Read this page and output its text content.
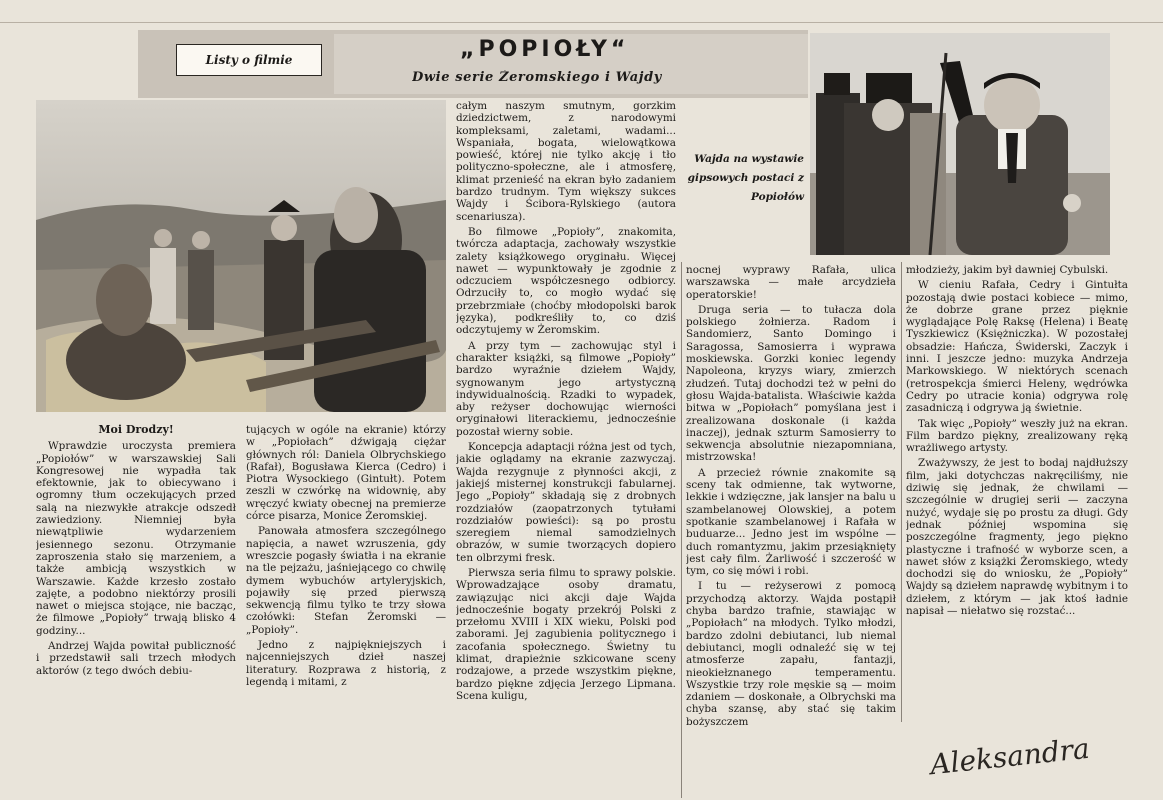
Listy o filmie	„POPIOŁY“
Dwie serie Żeromskiego i Wajdy
Wajda na wystawie gipsowych postaci z Popiołów

Moi Drodzy!

Wprawdzie uroczysta premiera „Popiołów” w warszawskiej Sali Kongresowej nie wypadła tak efektownie, jak to obiecywano i ogromny tłum oczekujących przed salą na niezwykłe atrakcje odszedł zawiedziony. Niemniej była niewątpliwie wydarzeniem jesiennego sezonu. Otrzymanie zaproszenia stało się marzeniem, a także ambicją wszystkich w Warszawie. Każde krzesło zostało zajęte, a podobno niektórzy prosili nawet o miejsca stojące, nie bacząc, że filmowe „Popioły” trwają blisko 4 godziny...

Andrzej Wajda powitał publiczność i przedstawił sali trzech młodych aktorów (z tego dwóch debiu-

tujących w ogóle na ekranie) którzy w „Popiołach” dźwigają ciężar głównych ról: Daniela Olbrychskiego (Rafał), Bogusława Kierca (Cedro) i Piotra Wysockiego (Gintułt). Potem zeszli w czwórkę na widownię, aby wręczyć kwiaty obecnej na premierze córce pisarza, Monice Żeromskiej.

Panowała atmosfera szczególnego napięcia, a nawet wzruszenia, gdy wreszcie pogasły światła i na ekranie na tle pejzażu, jaśniejącego co chwilę dymem wybuchów artyleryjskich, pojawiły się przed pierwszą sekwencją filmu tylko te trzy słowa czołówki: Stefan Żeromski — „Popioły”.

Jedno z najpiękniejszych i najcenniejszych dzieł naszej literatury. Rozprawa z historią, z legendą i mitami, z

całym naszym smutnym, gorzkim dziedzictwem, z narodowymi kompleksami, zaletami, wadami... Wspaniała, bogata, wielowątkowa powieść, której nie tylko akcję i tło polityczno-społeczne, ale i atmosferę, klimat przenieść na ekran było zadaniem bardzo trudnym. Tym większy sukces Wajdy i Ścibora-Rylskiego (autora scenariusza).

Bo filmowe „Popioły”, znakomita, twórcza adaptacja, zachowały wszystkie zalety książkowego oryginału. Więcej nawet — wypunktowały je zgodnie z odczuciem współczesnego odbiorcy. Odrzuciły to, co mogło wydać się przebrzmiałe (choćby młodopolski barok języka), podkreśliły to, co dziś odczytujemy w Żeromskim.

A przy tym — zachowując styl i charakter książki, są filmowe „Popioły” bardzo wyraźnie dziełem Wajdy, sygnowanym jego artystyczną indywidualnością. Rzadki to wypadek, aby reżyser dochowując wierności oryginałowi literackiemu, jednocześnie pozostał wierny sobie.

Koncepcja adaptacji różna jest od tych, jakie oglądamy na ekranie zazwyczaj. Wajda rezygnuje z płynności akcji, z jakiejś misternej konstrukcji fabularnej. Jego „Popioły” składają się z drobnych rozdziałów (zaopatrzonych tytułami rozdziałów powieści): są po prostu szeregiem niemal samodzielnych obrazów, w sumie tworzących dopiero ten olbrzymi fresk.

Pierwsza seria filmu to sprawy polskie. Wprowadzające osoby dramatu, zawiązując nici akcji daje Wajda jednocześnie bogaty przekrój Polski z przełomu XVIII i XIX wieku, Polski pod zaborami. Jej zagubienia politycznego i zacofania społecznego. Świetny tu klimat, drapieżnie szkicowane sceny rodzajowe, a przede wszystkim piękne, bardzo piękne zdjęcia Jerzego Lipmana. Scena kuligu,

nocnej wyprawy Rafała, ulica warszawska — małe arcydzieła operatorskie!

Druga seria — to tułacza dola polskiego żołnierza. Radom i Sandomierz, Santo Domingo i Saragossa, Samosierra i wyprawa moskiewska. Gorzki koniec legendy Napoleona, kryzys wiary, zmierzch złudzeń. Tutaj dochodzi też w pełni do głosu Wajda-batalista. Właściwie każda bitwa w „Popiołach” pomyślana jest i zrealizowana doskonale (i każda inaczej), jednak szturm Samosierry to sekwencja absolutnie niezapomniana, mistrzowska!

A przecież równie znakomite są sceny tak odmienne, tak wytworne, lekkie i wdzięczne, jak lansjer na balu u szambelanowej Olowskiej, a potem spotkanie szambelanowej i Rafała w buduarze... Jedno jest im wspólne — duch romantyzmu, jakim przesiąknięty jest cały film. Żarliwość i szczerość w tym, co się mówi i robi.

I tu — reżyserowi z pomocą przychodzą aktorzy. Wajda postąpił chyba bardzo trafnie, stawiając w „Popiołach” na młodych. Tylko młodzi, bardzo zdolni debiutanci, lub niemal debiutanci, mogli odnaleźć się w tej atmosferze zapału, fantazji, nieokiełznanego temperamentu. Wszystkie trzy role męskie są — moim zdaniem — doskonałe, a Olbrychski ma chyba szansę, aby stać się takim bożyszczem

młodzieży, jakim był dawniej Cybulski.

W cieniu Rafała, Cedry i Gintułta pozostają dwie postaci kobiece — mimo, że dobrze grane przez pięknie wyglądające Polę Raksę (Helena) i Beatę Tyszkiewicz (Księżniczka). W pozostałej obsadzie: Hańcza, Świderski, Zaczyk i inni. I jeszcze jedno: muzyka Andrzeja Markowskiego. W niektórych scenach (retrospekcja śmierci Heleny, wędrówka Cedry po utracie konia) odgrywa rolę zasadniczą i odgrywa ją świetnie.

Tak więc „Popioły” weszły już na ekran. Film bardzo piękny, zrealizowany ręką wrażliwego artysty.

Zważywszy, że jest to bodaj najdłuższy film, jaki dotychczas nakręciliśmy, nie dziwię się jednak, że chwilami — szczególnie w drugiej serii — zaczyna nużyć, wydaje się po prostu za długi. Gdy jednak później wspomina się poszczególne fragmenty, jego piękno plastyczne i trafność w wyborze scen, a nawet słów z książki Żeromskiego, wtedy dochodzi się do wniosku, że „Popioły” Wajdy są dziełem naprawdę wybitnym i to dziełem, z którym — jak ktoś ładnie napisał — niełatwo się rozstać...

Aleksandra
